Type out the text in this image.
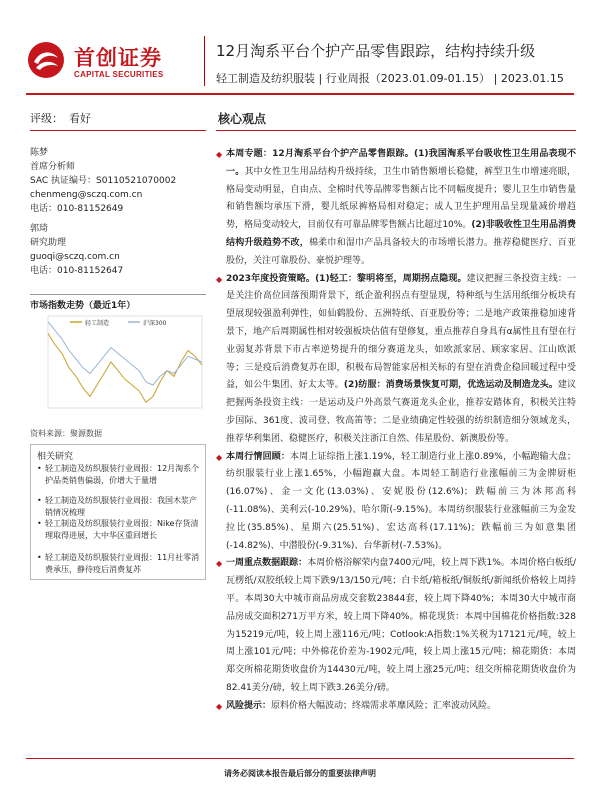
首创证券
CAPITAL SECURITIES
12月淘系平台个护产品零售跟踪，结构持续升级
轻工制造及纺织服装 | 行业周报（2023.01.09-01.15） | 2023.01.15
评级： 看好	核心观点
陈梦
首席分析师
SAC 执证编号：S0110521070002
chenmeng@sczq.com.cn
电话：010-81152649
郭琦
研究助理
guoqi@sczq.com.cn
电话：010-81152647
市场指数走势（最近1年）
轻工制造	沪深300
资料来源：聚源数据
相关研究
• 轻工制造及纺织服装行业周报：12月淘系个护品类销售偏弱，价增大于量增
• 轻工制造及纺织服装行业周报：我国木浆产销情况梳理
• 轻工制造及纺织服装行业周报：Nike存货清理取得进展，大中华区重回增长
• 轻工制造及纺织服装行业周报：11月社零消费承压，静待疫后消费复苏

◆ 本周专题：12月淘系平台个护产品零售跟踪。(1)我国淘系平台吸收性卫生用品表现不一。其中女性卫生用品结构升级持续，卫生巾销售额增长稳健，裤型卫生巾增速亮眼，格局变动明显，自由点、全棉时代等品牌零售额占比不同幅度提升；婴儿卫生巾销售量和销售额均承压下滑，婴儿纸尿裤格局相对稳定；成人卫生护理用品呈现量减价增趋势，格局变动较大，目前仅有可靠品牌零售额占比超过10%。(2)非吸收性卫生用品消费结构升级趋势不改，棉柔巾和湿巾产品具备较大的市场增长潜力。推荐稳健医疗、百亚股份，关注可靠股份、豪悦护理等。

◆ 2023年度投资策略。(1)轻工：黎明将至，周期拐点隐现。建议把握三条投资主线：一是关注价高位回落预期背景下，纸企盈利拐点有望显现，特种纸与生活用纸细分板块有望展现较强盈利弹性，如仙鹤股份、五洲特纸、百亚股份等；二是地产政策推稳加速背景下，地产后周期属性相对较强板块估值有望修复，重点推荐自身具有α属性且有望在行业弱复苏背景下市占率逆势提升的细分赛道龙头，如欧派家居、顾家家居、江山欧派等；三是疫后消费复苏在即，积极布局智能家居相关标的有望在消费企稳回暖过程中受益，如公牛集团、好太太等。(2)纺服：消费场景恢复可期，优选运动及制造龙头。建议把握两条投资主线：一是运动及户外高景气赛道龙头企业，推荐安踏体育，积极关注特步国际、361度、波司登、牧高笛等；二是业绩确定性较强的纺织制造细分领域龙头，推荐华利集团、稳健医疗，积极关注浙江自然、伟星股份、新澳股份等。

◆ 本周行情回顾：本周上证综指上涨1.19%，轻工制造行业上涨0.89%，小幅跑输大盘；纺织服装行业上涨1.65%，小幅跑赢大盘。本周轻工制造行业涨幅前三为金牌厨柜(16.07%)、金一文化(13.03%)、安妮股份(12.6%)；跌幅前三为沐邦高科(-11.08%)、美利云(-10.29%)、哈尔斯(-9.15%)。本周纺织服装行业涨幅前三为金发拉比(35.85%)、星期六(25.51%)、宏达高科(17.11%)；跌幅前三为如意集团(-14.82%)、中潜股份(-9.31%)、台华新材(-7.53%)。

◆ 一周重点数据跟踪：本周价格浴解荣内盘7400元/吨，较上周下跌1%。本周价格白板纸/瓦楞纸/双胶纸较上周下跌9/13/150元/吨；白卡纸/箱板纸/铜版纸/新闻纸价格较上周持平。本周30大中城市商品房成交套数23844套，较上周下降40%；本周30大中城市商品房成交面积271万平方米，较上周下降40%。棉花现货：本周中国棉花价格指数:328为15219元/吨，较上周上涨116元/吨；Cotlook:A指数:1%关税为17121元/吨，较上周上涨101元/吨；中外棉花价差为-1902元/吨，较上周上涨15元/吨；棉花期货：本周郑交所棉花期货收盘价为14430元/吨，较上周上涨25元/吨；纽交所棉花期货收盘价为82.41美分/磅，较上周下跌3.26美分/磅。

◆ 风险提示：原料价格大幅波动；终端需求革靡风险；汇率波动风险。

请务必阅读本报告最后部分的重要法律声明
